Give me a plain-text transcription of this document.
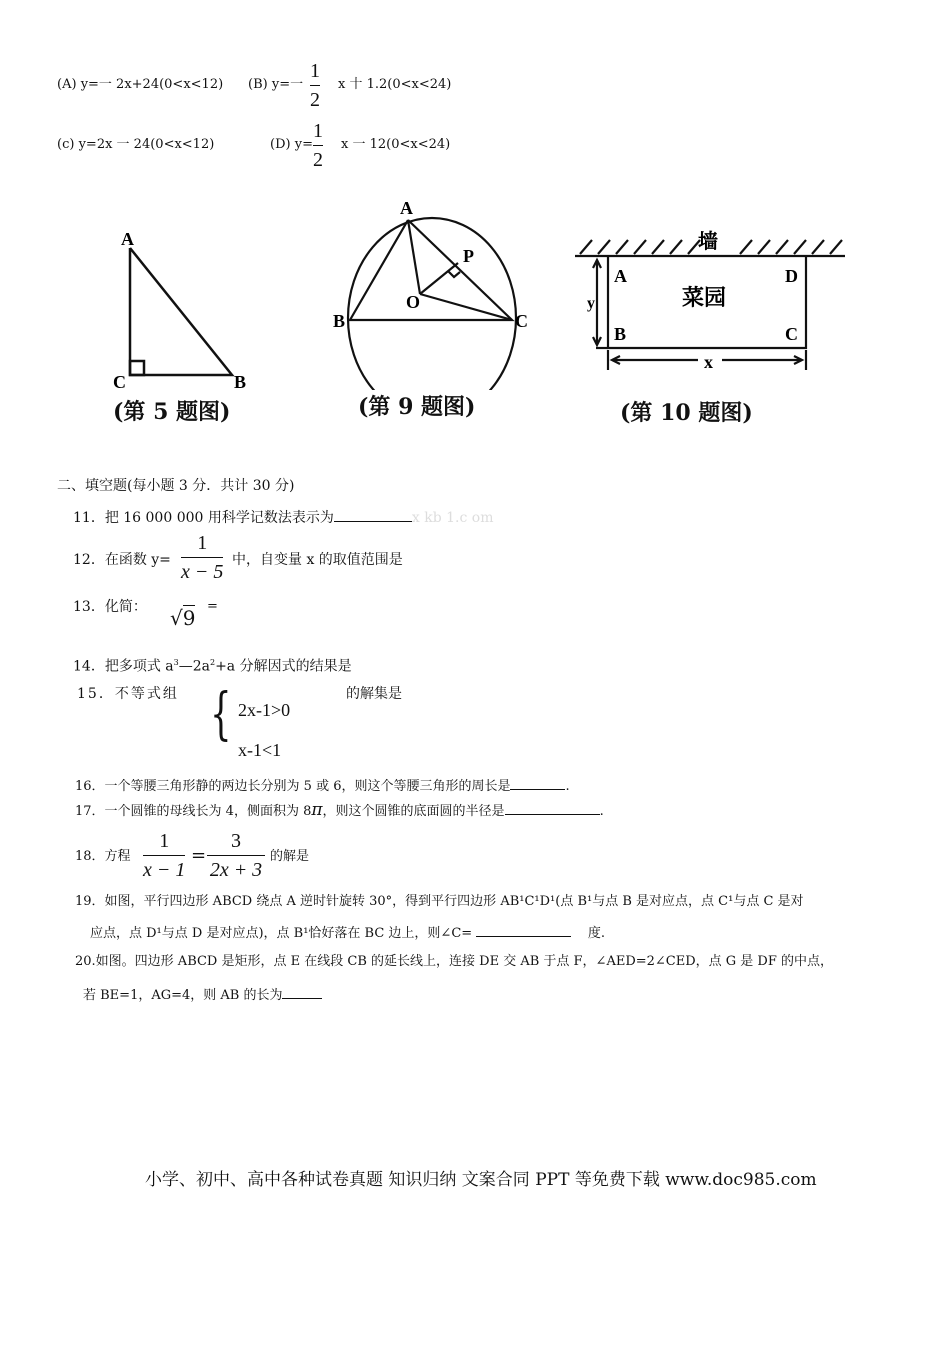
(A) y=一 2x+24(0<x<12) (B) y=一
1
2
x 十 1.2(0<x<24)
(c) y=2x 一 24(0<x<12)	(D) y=
1
2
x 一 12(0<x<24)
A
C	B
A
B	C
O
P
墙
菜园
A	D
B	C
x
y
(第 5 题图)	(第 9 题图)	(第 10 题图)
二、填空题(每小题 3 分．共计 30 分)
11．把 16 000 000 用科学记数法表示为	x kb 1.c om
12．在函数 y=
1
x − 5
中，自变量 x 的取值范围是
13．化简： √9 =
14．把多项式 $a^3—2a^2+a$ 分解因式的结果是
15．不等式组 { 2x-1>0
x-1<1
的解集是
16．一个等腰三角形静的两边长分别为 5 或 6，则这个等腰三角形的周长是	.
17．一个圆锥的母线长为 4，侧面积为 8π，则这个圆锥的底面圆的半径是	.
18．方程
1
x − 1
=
3
2x + 3
的解是
19．如图，平行四边形 ABCD 绕点 A 逆时针旋转 30°，得到平行四边形 AB¹C¹D¹(点 B¹与点 B 是对应点，点 C¹与点 C 是对
应点，点 D¹与点 D 是对应点)，点 B¹恰好落在 BC 边上，则∠C=	度.
20.如图。四边形 ABCD 是矩形，点 E 在线段 CB 的延长线上，连接 DE 交 AB 于点 F，∠AED=2∠CED，点 G 是 DF 的中点，
若 BE=1，AG=4，则 AB 的长为
小学、初中、高中各种试卷真题 知识归纳 文案合同 PPT 等免费下载 www.doc985.com
